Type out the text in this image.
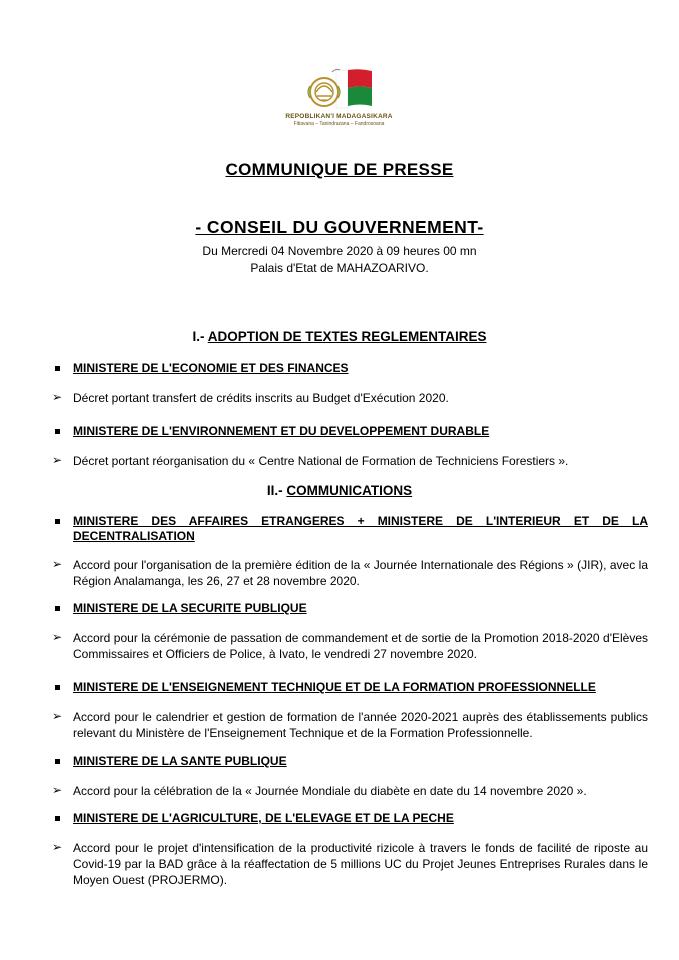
REPOBLIKAN'I MADAGASIKARA
Fitiavana – Tanindrazana – Fandrosoana
COMMUNIQUE DE PRESSE
- CONSEIL DU GOUVERNEMENT-
Du Mercredi 04 Novembre 2020 à 09 heures 00 mn
Palais d'Etat de MAHAZOARIVO.
I.- ADOPTION DE TEXTES REGLEMENTAIRES
MINISTERE DE L'ECONOMIE ET DES FINANCES
➢ Décret portant transfert de crédits inscrits au Budget d'Exécution 2020.
MINISTERE DE L'ENVIRONNEMENT ET DU DEVELOPPEMENT DURABLE
➢ Décret portant réorganisation du « Centre National de Formation de Techniciens Forestiers ».
II.- COMMUNICATIONS
MINISTERE DES AFFAIRES ETRANGERES + MINISTERE DE L'INTERIEUR ET DE LA DECENTRALISATION
➢ Accord pour l'organisation de la première édition de la « Journée Internationale des Régions » (JIR), avec la Région Analamanga, les 26, 27 et 28 novembre 2020.
MINISTERE DE LA SECURITE PUBLIQUE
➢ Accord pour la cérémonie de passation de commandement et de sortie de la Promotion 2018-2020 d'Elèves Commissaires et Officiers de Police, à Ivato, le vendredi 27 novembre 2020.
MINISTERE DE L'ENSEIGNEMENT TECHNIQUE ET DE LA FORMATION PROFESSIONNELLE
➢ Accord pour le calendrier et gestion de formation de l'année 2020-2021 auprès des établissements publics relevant du Ministère de l'Enseignement Technique et de la Formation Professionnelle.
MINISTERE DE LA SANTE PUBLIQUE
➢ Accord pour la célébration de la « Journée Mondiale du diabète en date du 14 novembre 2020 ».
MINISTERE DE L'AGRICULTURE, DE L'ELEVAGE ET DE LA PECHE
➢ Accord pour le projet d'intensification de la productivité rizicole à travers le fonds de facilité de riposte au Covid-19 par la BAD grâce à la réaffectation de 5 millions UC du Projet Jeunes Entreprises Rurales dans le Moyen Ouest (PROJERMO).
